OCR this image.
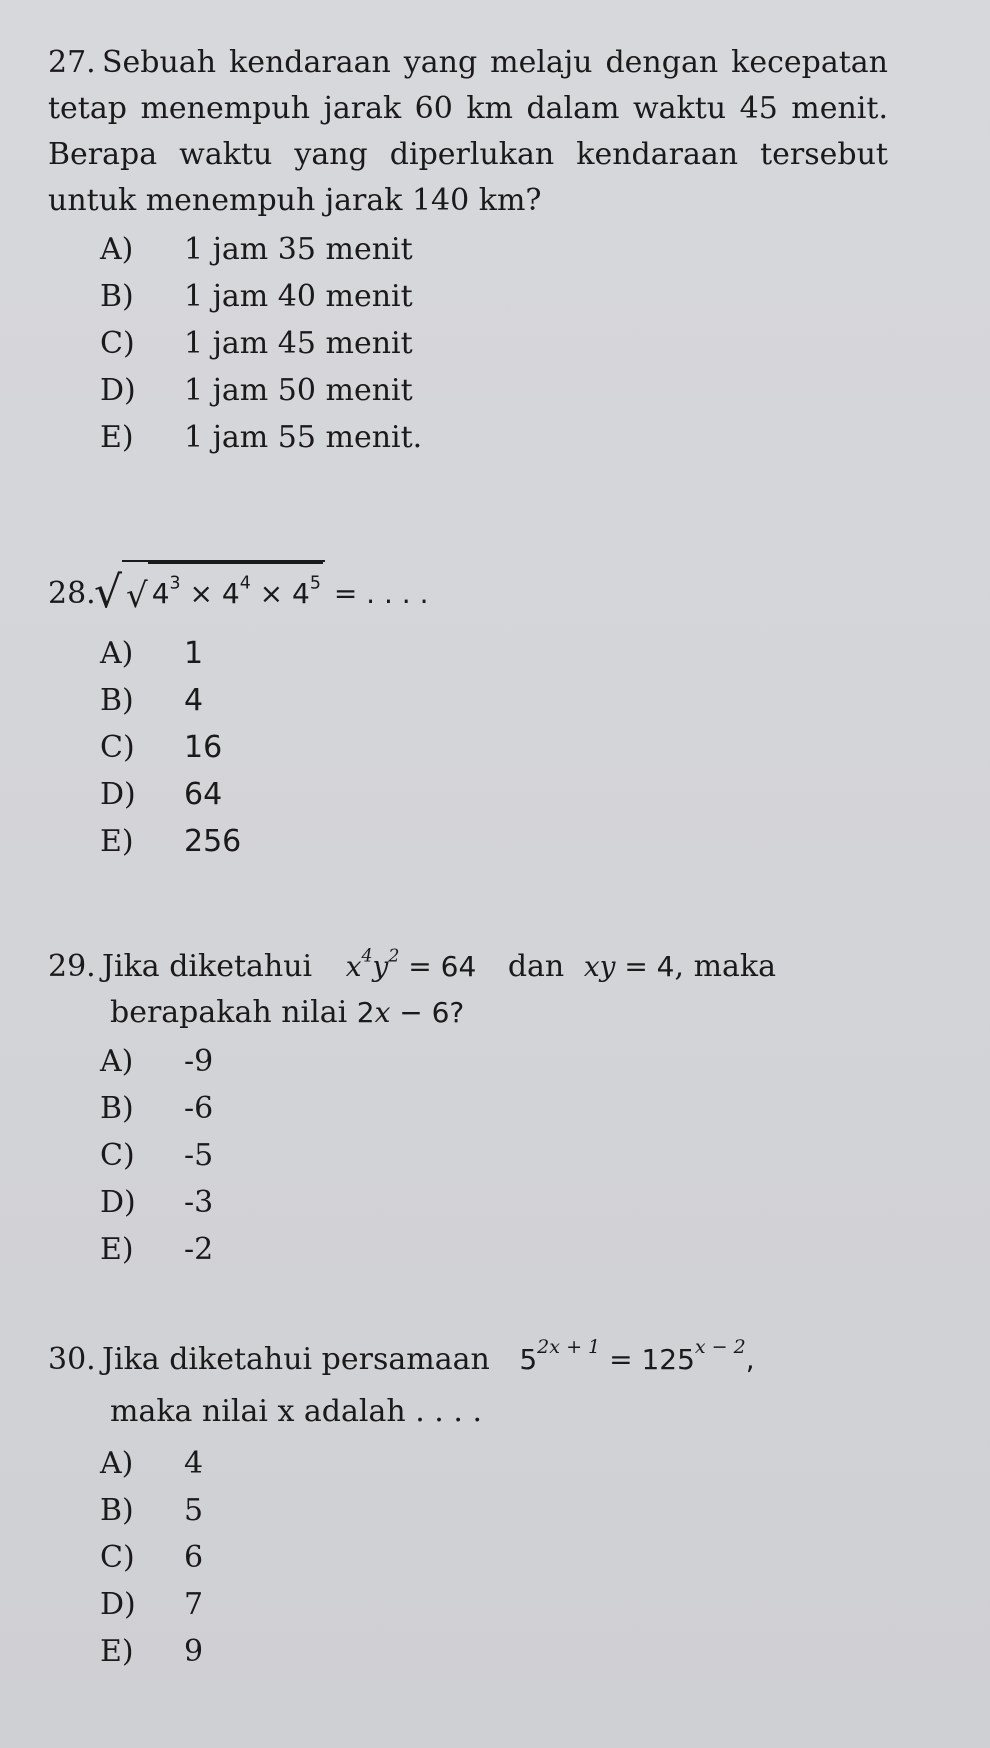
27. Sebuah kendaraan yang melaju dengan kecepatan tetap menempuh jarak 60 km dalam waktu 45 menit. Berapa waktu yang diperlukan kendaraan tersebut untuk menempuh jarak 140 km?
A) 1 jam 35 menit
B) 1 jam 40 menit
C) 1 jam 45 menit
D) 1 jam 50 menit
E) 1 jam 55 menit.
28.√ √ $4^3 \times 4^4 \times 4^5$ = . . . .
A) 1
B) 4
C) 16
D) 64
E) 256
29. Jika diketahui $x^4y^2 = 64$ dan xy = 4, maka
berapakah nilai 2x − 6?
A) -9
B) -6
C) -5
D) -3
E) -2
30. Jika diketahui persamaan $5^{2x + 1} = 125^{x - 2}$,
maka nilai x adalah . . . .
A) 4
B) 5
C) 6
D) 7
E) 9
